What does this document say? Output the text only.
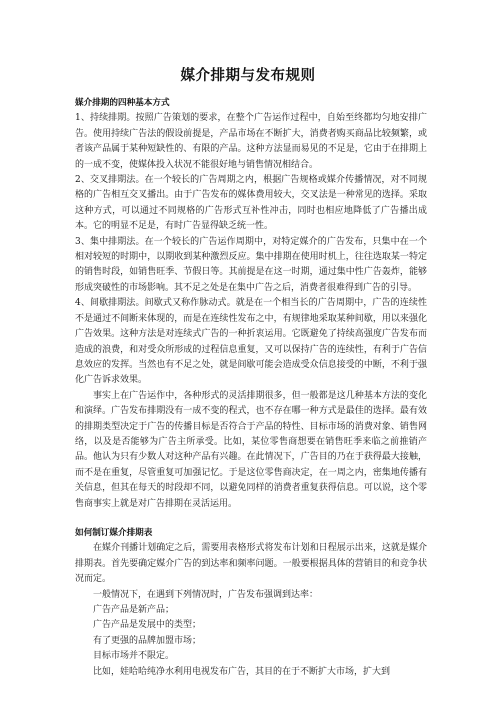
媒介排期与发布规则

媒介排期的四种基本方式

1、持续排期。按照广告策划的要求，在整个广告运作过程中，自始至终都均匀地安排广告。使用持续广告法的假设前提是，产品市场在不断扩大，消费者购买商品比较频繁，或者该产品属于某种短缺性的、有限的产品。这种方法显而易见的不足是，它由于在排期上的一成不变，使媒体投入状况不能很好地与销售情况相结合。

2、交叉排期法。在一个较长的广告周期之内，根据广告规格或媒介传播情况，对不同规格的广告相互交叉播出。由于广告发布的媒体费用较大，交叉法是一种常见的选择。采取这种方式，可以通过不同规格的广告形式互补性冲击，同时也相应地降低了广告播出成本。它的明显不足是，有时广告显得缺乏统一性。

3、集中排期法。在一个较长的广告运作周期中，对特定媒介的广告发布，只集中在一个相对较短的时期中，以期收到某种激烈反应。集中排期在使用时机上，往往选取某一特定的销售时段，如销售旺季、节假日等。其前提是在这一时期，通过集中性广告轰炸，能够形成突破性的市场影响。其不足之处是在集中广告之后，消费者很难得到广告的引导。

4、间歇排期法。间歇式又称作脉动式。就是在一个相当长的广告周期中，广告的连续性不是通过不间断来体现的，而是在连续性发布之中，有规律地采取某种间歇，用以来强化广告效果。这种方法是对连续式广告的一种折衷运用。它既避免了持续高强度广告发布而造成的浪费，和对受众所形成的过程信息重复，又可以保持广告的连续性，有利于广告信息效应的发挥。当然也有不足之处，就是间歇可能会造成受众信息接受的中断，不利于强化广告诉求效果。

事实上在广告运作中，各种形式的灵活排期很多，但一般都是这几种基本方法的变化和演绎。广告发布排期没有一成不变的程式，也不存在哪一种方式是最佳的选择。最有效的排期类型决定于广告的传播目标是否符合于产品的特性、目标市场的消费对象、销售网络，以及是否能够为广告主所承受。比如，某位零售商想要在销售旺季来临之前推销产品。他认为只有少数人对这种产品有兴趣。在此情况下，广告目的乃在于获得最大接触，而不是在重复，尽管重复可加强记忆。于是这位零售商决定，在一周之内，密集地传播有关信息，但其在每天的时段却不同，以避免同样的消费者重复获得信息。可以说，这个零售商事实上就是对广告排期在灵活运用。

如何制订媒介排期表

在媒介刊播计划确定之后，需要用表格形式将发布计划和日程展示出来，这就是媒介排期表。首先要确定媒介广告的到达率和频率问题。一般要根据具体的营销目的和竞争状况而定。

一般情况下，在遇到下列情况时，广告发布强调到达率：

广告产品是新产品；

广告产品是发展中的类型；

有了更强的品牌加盟市场；

目标市场并不限定。

比如，娃哈哈纯净水利用电视发布广告，其目的在于不断扩大市场，扩大到
